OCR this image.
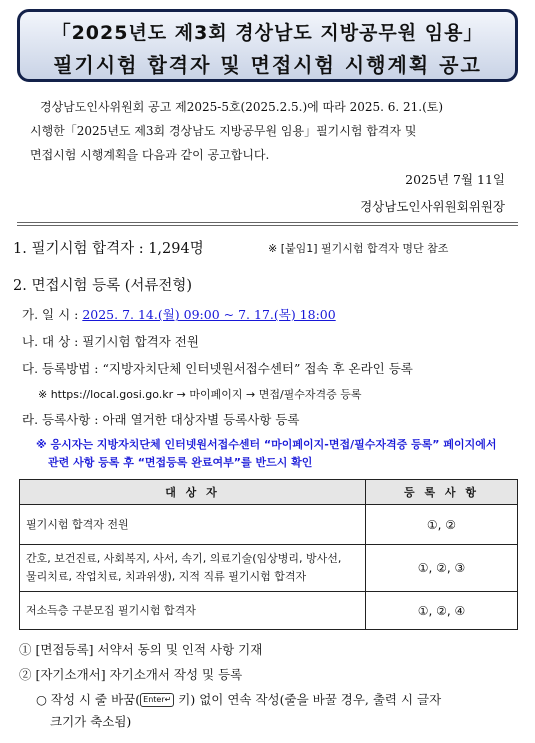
「2025년도 제3회 경상남도 지방공무원 임용」
필기시험 합격자 및 면접시험 시행계획 공고
경상남도인사위원회 공고 제2025-5호(2025.2.5.)에 따라 2025. 6. 21.(토)
시행한「2025년도 제3회 경상남도 지방공무원 임용」필기시험 합격자 및
면접시험 시행계획을 다음과 같이 공고합니다.
2025년 7월 11일
경상남도인사위원회위원장
1. 필기시험 합격자 : 1,294명	※ [붙임1] 필기시험 합격자 명단 참조
2. 면접시험 등록 (서류전형)
가. 일 시 : 2025. 7. 14.(월) 09:00 ~ 7. 17.(목) 18:00
나. 대 상 : 필기시험 합격자 전원
다. 등록방법 : “지방자치단체 인터넷원서접수센터” 접속 후 온라인 등록
※ https://local.gosi.go.kr → 마이페이지 → 면접/필수자격증 등록
라. 등록사항 : 아래 열거한 대상자별 등록사항 등록
※ 응시자는 지방자치단체 인터넷원서접수센터 “마이페이지-면접/필수자격증 등록” 페이지에서
관련 사항 등록 후 “면접등록 완료여부”를 반드시 확인
대 상 자	등 록 사 항
필기시험 합격자 전원	①, ②

간호, 보건진료, 사회복지, 사서, 속기, 의료기술(임상병리, 방사선,
물리치료, 작업치료, 치과위생), 지적 직류 필기시험 합격자	①, ②, ③
저소득층 구분모집 필기시험 합격자	①, ②, ④
① [면접등록] 서약서 동의 및 인적 사항 기재
② [자기소개서] 자기소개서 작성 및 등록
○ 작성 시 줄 바꿈( Enter↵ 키) 없이 연속 작성(줄을 바꿀 경우, 출력 시 글자
크기가 축소됨)
